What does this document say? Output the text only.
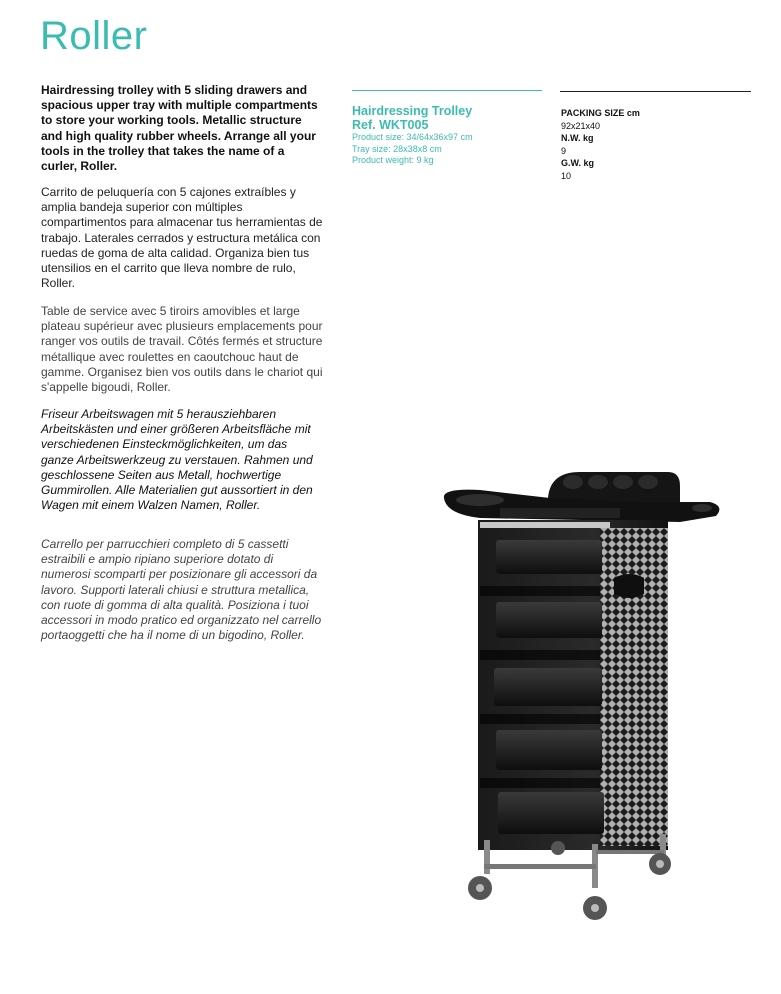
Roller

Hairdressing trolley with 5 sliding drawers and spacious upper tray with multiple compartments to store your working tools. Metallic structure and high quality rubber wheels. Arrange all your tools in the trolley that takes the name of a curler, Roller.

Carrito de peluquería con 5 cajones extraíbles y amplia bandeja superior con múltiples compartimentos para almacenar tus herramientas de trabajo. Laterales cerrados y estructura metálica con ruedas de goma de alta calidad. Organiza bien tus utensilios en el carrito que lleva nombre de rulo, Roller.

Table de service avec 5 tiroirs amovibles et large plateau supérieur avec plusieurs emplacements pour ranger vos outils de travail. Côtés fermés et structure métallique avec roulettes en caoutchouc haut de gamme. Organisez bien vos outils dans le chariot qui s'appelle bigoudi, Roller.

Friseur Arbeitswagen mit 5 herausziehbaren Arbeitskästen und einer größeren Arbeitsfläche mit verschiedenen Einsteckmöglichkeiten, um das ganze Arbeitswerkzeug zu verstauen. Rahmen und geschlossene Seiten aus Metall, hochwertige Gummirollen. Alle Materialien gut aussortiert in den Wagen mit einem Walzen Namen, Roller.

Carrello per parrucchieri completo di 5 cassetti estraibili e ampio ripiano superiore dotato di numerosi scomparti per posizionare gli accessori da lavoro. Supporti laterali chiusi e struttura metallica, con ruote di gomma di alta qualità. Posiziona i tuoi accessori in modo pratico ed organizzato nel carrello portaoggetti che ha il nome di un bigodino, Roller.

Hairdressing Trolley
Ref. WKT005
Product size: 34/64x36x97 cm
Tray size: 28x38x8 cm
Product weight: 9 kg
PACKING SIZE cm
92x21x40
N.W. kg
9
G.W. kg
10
